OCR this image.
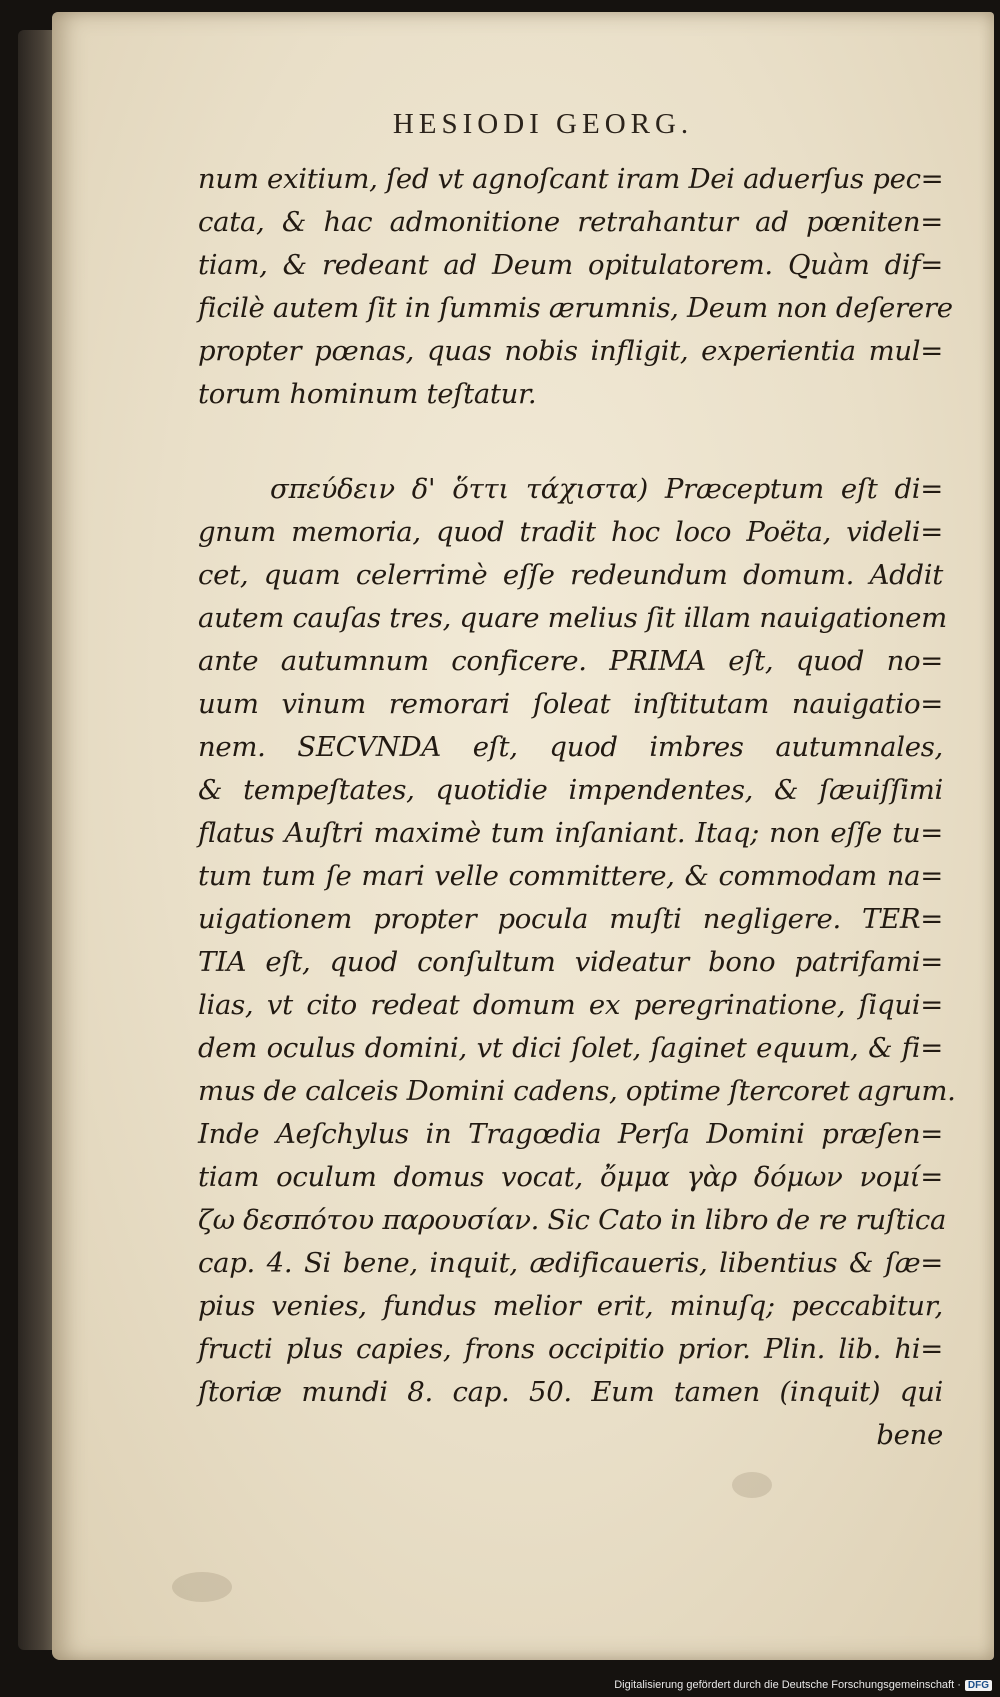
HESIODI GEORG.
num exitium, ſed vt agnoſcant iram Dei aduerſus pec=
cata, & hac admonitione retrahantur ad pœniten=
tiam, & redeant ad Deum opitulatorem. Quàm dif=
ficilè autem ſit in ſummis ærumnis, Deum non deſerere
propter pœnas, quas nobis infligit, experientia mul=
torum hominum teſtatur.
σπεύδειν δ' ὅττι τάχιστα) Præceptum eſt di=
gnum memoria, quod tradit hoc loco Poëta, videli=
cet, quam celerrimè eſſe redeundum domum. Addit
autem cauſas tres, quare melius ſit illam nauigationem
ante autumnum conficere. PRIMA eſt, quod no=
uum vinum remorari ſoleat inſtitutam nauigatio=
nem. SECVNDA eſt, quod imbres autumnales,
& tempeſtates, quotidie impendentes, & ſæuiſſimi
flatus Auſtri maximè tum inſaniant. Itaq; non eſſe tu=
tum tum ſe mari velle committere, & commodam na=
uigationem propter pocula muſti negligere. TER=
TIA eſt, quod conſultum videatur bono patrifami=
lias, vt cito redeat domum ex peregrinatione, ſiqui=
dem oculus domini, vt dici ſolet, ſaginet equum, & fi=
mus de calceis Domini cadens, optime ſtercoret agrum.
Inde Aeſchylus in Tragœdia Perſa Domini præſen=
tiam oculum domus vocat, ὄμμα γὰρ δόμων νομί=
ζω δεσπότου παρουσίαν. Sic Cato in libro de re ruſtica
cap. 4. Si bene, inquit, ædificaueris, libentius & ſæ=
pius venies, fundus melior erit, minuſq; peccabitur,
fructi plus capies, frons occipitio prior. Plin. lib. hi=
ſtoriæ mundi 8. cap. 50. Eum tamen (inquit) qui
bene
Digitalisierung gefördert durch die Deutsche Forschungsgemeinschaft · DFG
